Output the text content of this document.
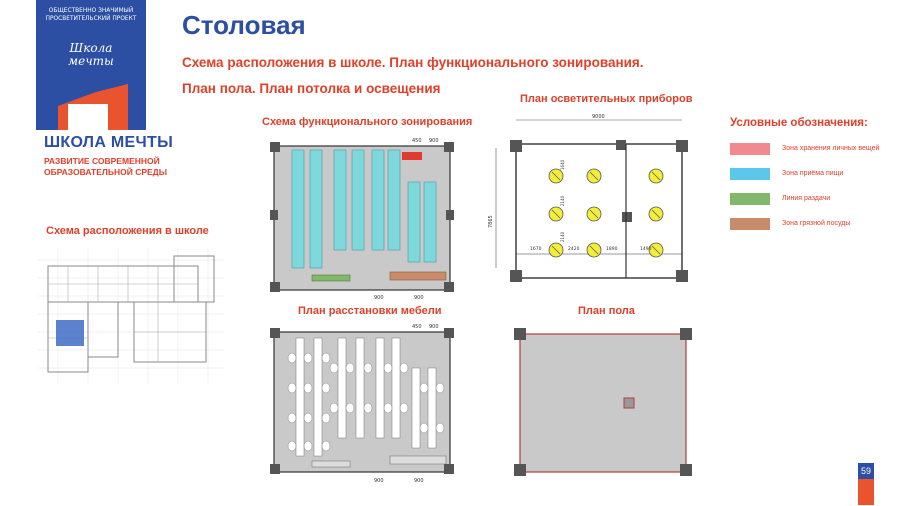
ОБЩЕСТВЕННО ЗНАЧИМЫЙ
ПРОСВЕТИТЕЛЬСКИЙ ПРОЕКТ
Школа
мечты
ШКОЛА МЕЧТЫ
РАЗВИТИЕ СОВРЕМЕННОЙ
ОБРАЗОВАТЕЛЬНОЙ СРЕДЫ
Столовая
Схема расположения в школе. План функционального зонирования.
План пола. План потолка и освещения
Схема расположения в школе
Схема функционального зонирования
План осветительных приборов
План расстановки мебели	План пола
450 900
900	900
9000
7865
1670	2420	1890	1490
1640
2140
2140
450 900
900	900
Условные обозначения:
Зона хранения личных вещей
Зона приёма пищи
Линия раздачи
Зона грязной посуды
59
